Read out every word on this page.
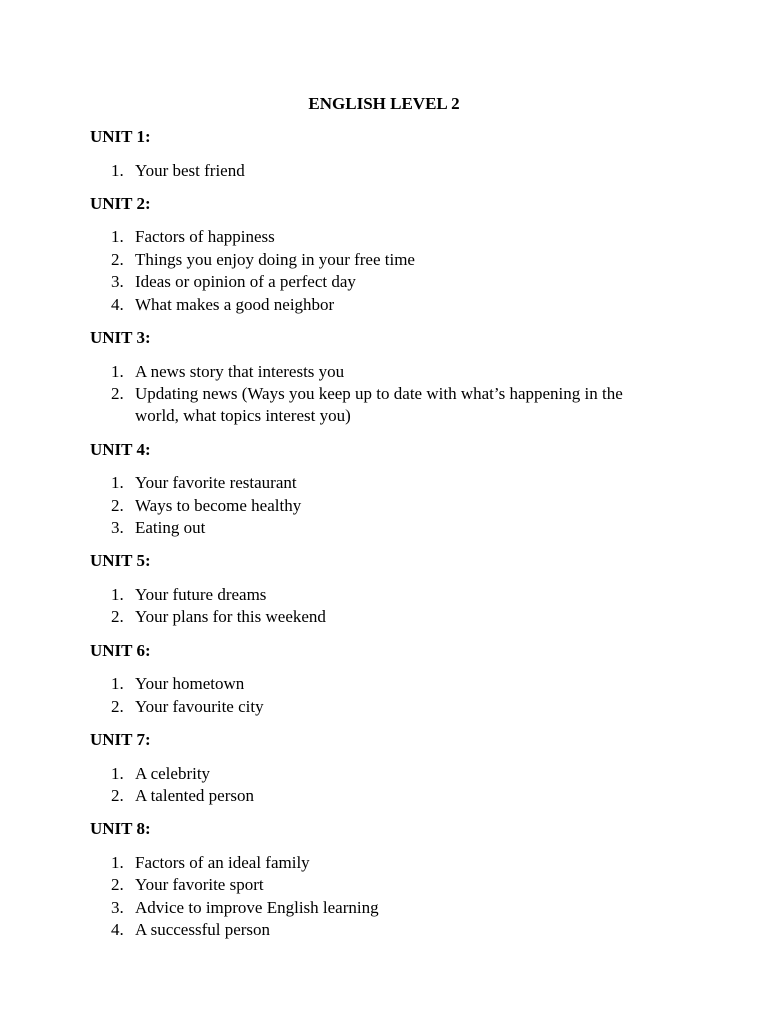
ENGLISH LEVEL 2
UNIT 1:
1. Your best friend
UNIT 2:
1. Factors of happiness
2. Things you enjoy doing in your free time
3. Ideas or opinion of a perfect day
4. What makes a good neighbor
UNIT 3:
1. A news story that interests you
2. Updating news (Ways you keep up to date with what’s happening in the world, what topics interest you)
UNIT 4:
1. Your favorite restaurant
2. Ways to become healthy
3. Eating out
UNIT 5:
1. Your future dreams
2. Your plans for this weekend
UNIT 6:
1. Your hometown
2. Your favourite city
UNIT 7:
1. A celebrity
2. A talented person
UNIT 8:
1. Factors of an ideal family
2. Your favorite sport
3. Advice to improve English learning
4. A successful person
